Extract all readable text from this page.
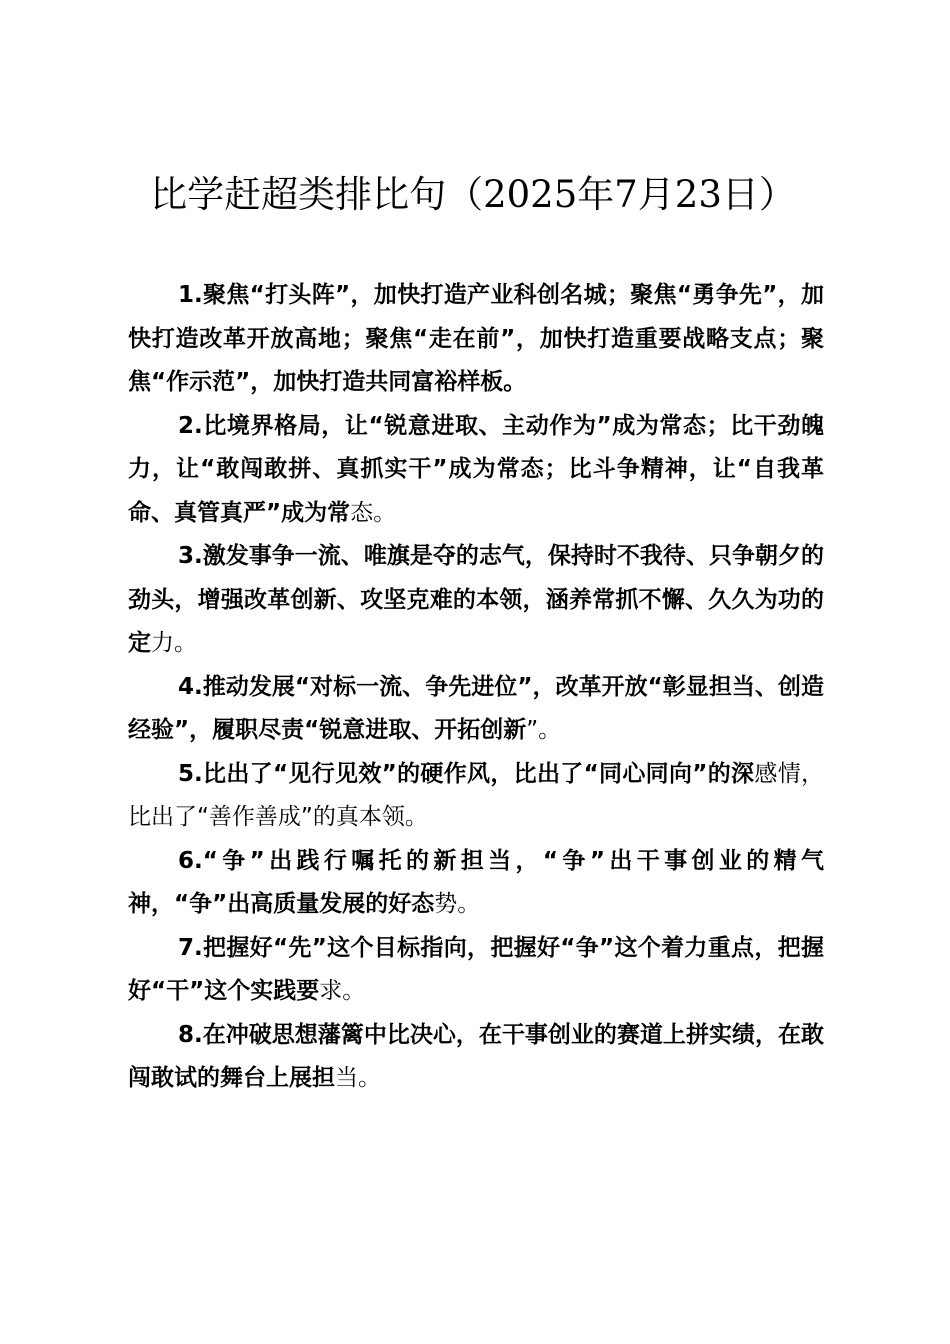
比学赶超类排比句（2025年7月23日）

1.聚焦“打头阵”，加快打造产业科创名城；聚焦“勇争先”，加快打造改革开放高地；聚焦“走在前”，加快打造重要战略支点；聚焦“作示范”，加快打造共同富裕样板。

2.比境界格局，让“锐意进取、主动作为”成为常态；比干劲魄力，让“敢闯敢拼、真抓实干”成为常态；比斗争精神，让“自我革命、真管真严”成为常态。

3.激发事争一流、唯旗是夺的志气，保持时不我待、只争朝夕的劲头，增强改革创新、攻坚克难的本领，涵养常抓不懈、久久为功的定力。

4.推动发展“对标一流、争先进位”，改革开放“彰显担当、创造经验”，履职尽责“锐意进取、开拓创新”。

5.比出了“见行见效”的硬作风，比出了“同心同向”的深感情，比出了“善作善成”的真本领。

6.“争”出践行嘱托的新担当，“争”出干事创业的精气神，“争”出高质量发展的好态势。

7.把握好“先”这个目标指向，把握好“争”这个着力重点，把握好“干”这个实践要求。

8.在冲破思想藩篱中比决心，在干事创业的赛道上拼实绩，在敢闯敢试的舞台上展担当。
